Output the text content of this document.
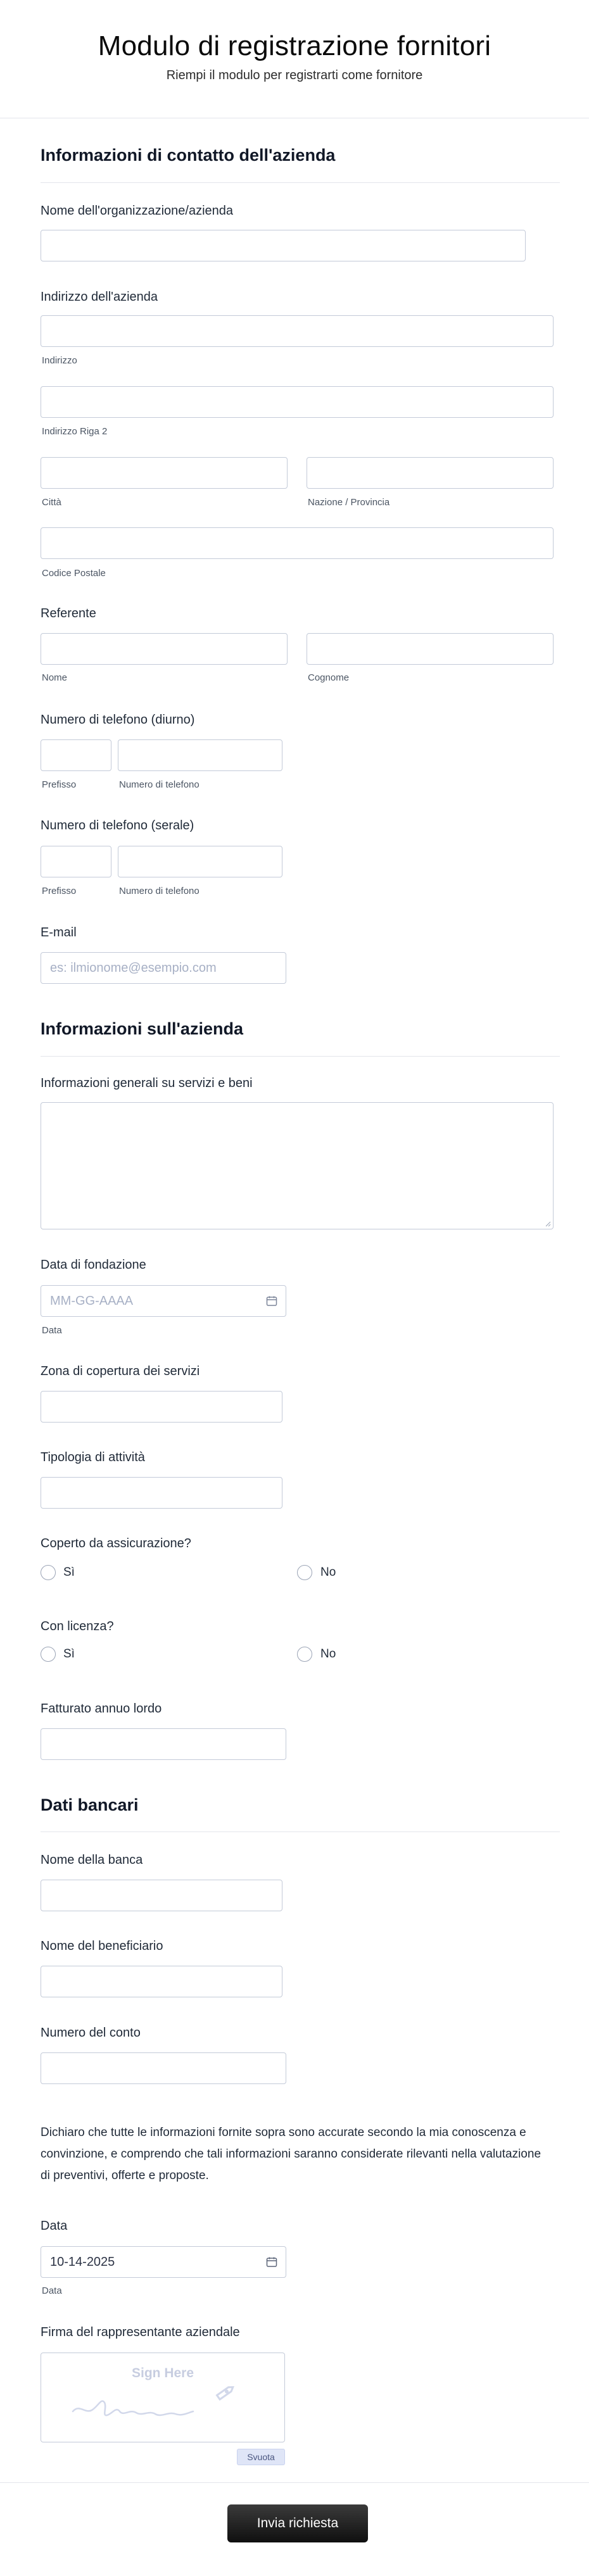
Modulo di registrazione fornitori
Riempi il modulo per registrarti come fornitore
Informazioni di contatto dell'azienda
Nome dell'organizzazione/azienda
Indirizzo dell'azienda
Indirizzo
Indirizzo Riga 2
Città	Nazione / Provincia
Codice Postale
Referente
Nome	Cognome
Numero di telefono (diurno)
Prefisso	Numero di telefono
Numero di telefono (serale)
Prefisso	Numero di telefono
E-mail
es: ilmionome@esempio.com
Informazioni sull'azienda
Informazioni generali su servizi e beni
Data di fondazione
MM-GG-AAAA
Data
Zona di copertura dei servizi
Tipologia di attività
Coperto da assicurazione?
Sì	No
Con licenza?
Sì	No
Fatturato annuo lordo
Dati bancari
Nome della banca
Nome del beneficiario
Numero del conto
Dichiaro che tutte le informazioni fornite sopra sono accurate secondo la mia conoscenza e convinzione, e comprendo che tali informazioni saranno considerate rilevanti nella valutazione di preventivi, offerte e proposte.
Data
10-14-2025
Data
Firma del rappresentante aziendale
Sign Here
Svuota
Invia richiesta
